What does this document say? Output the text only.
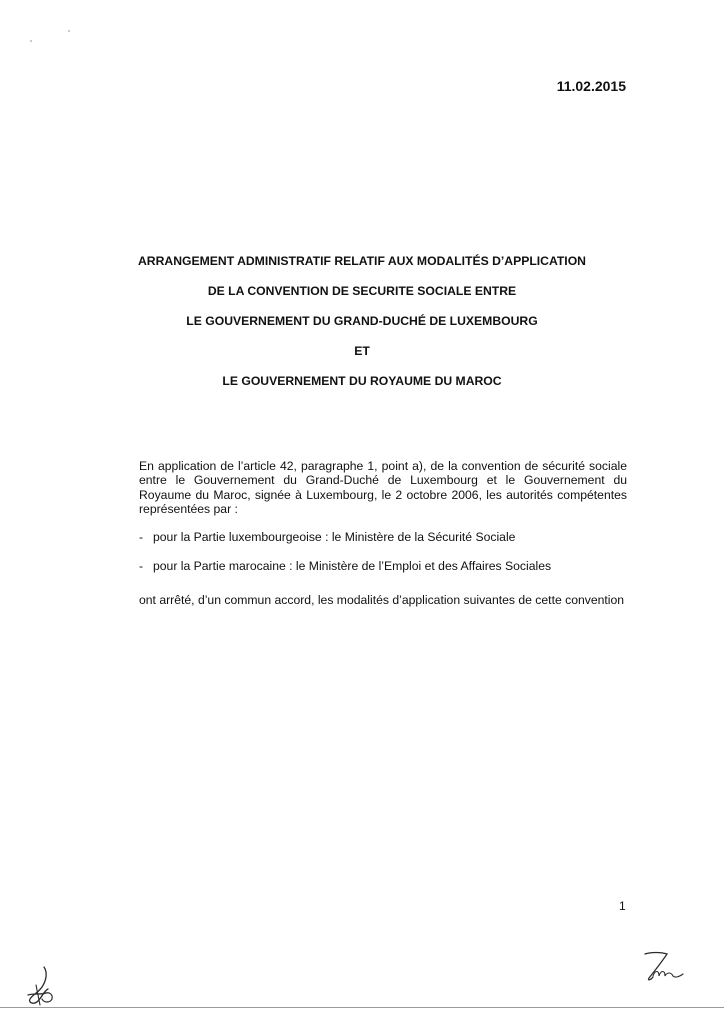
11.02.2015
ARRANGEMENT ADMINISTRATIF RELATIF AUX MODALITÉS D’APPLICATION
DE LA CONVENTION DE SECURITE SOCIALE ENTRE
LE GOUVERNEMENT DU GRAND-DUCHÉ DE LUXEMBOURG
ET
LE GOUVERNEMENT DU ROYAUME DU MAROC

En application de l’article 42, paragraphe 1, point a), de la convention de sécurité sociale entre le Gouvernement du Grand-Duché de Luxembourg et le Gouvernement du Royaume du Maroc, signée à Luxembourg, le 2 octobre 2006, les autorités compétentes représentées par :

- pour la Partie luxembourgeoise : le Ministère de la Sécurité Sociale
- pour la Partie marocaine : le Ministère de l’Emploi et des Affaires Sociales

ont arrêté, d’un commun accord, les modalités d’application suivantes de cette convention

1
